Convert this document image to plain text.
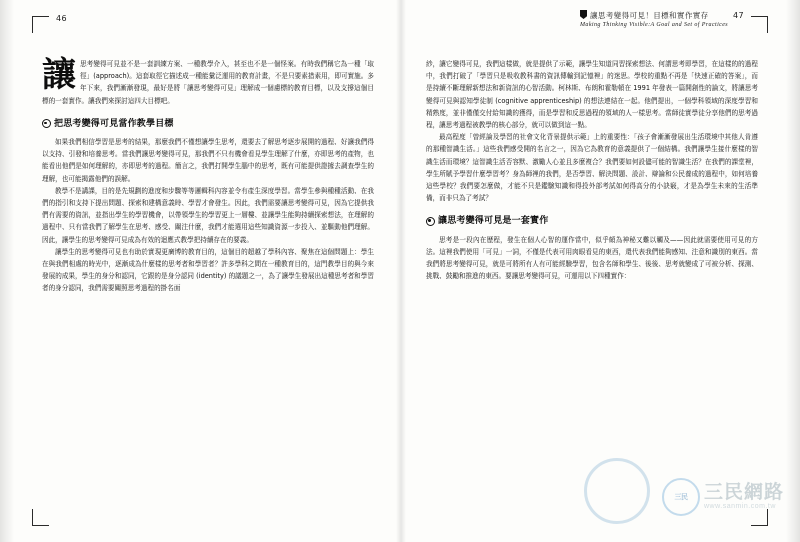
46
讓 思考變得可見並不是一套訓練方案、一種教學介入，甚至也不是一個怪案。有時我們稱它為一種「取徑」(approach)。這套取徑它描述成一種能彙泛運用的教育計畫，不是只要素措素用，即可實施。多年下來，我們漸漸發現，最好是將「讓思考變得可見」理解成一個慮標的教育目標，以及支撐這個目標的一套實作。讓我們來探討這四大目標吧。
把思考變得可見當作教學目標

如果我們相信學習是思考的結果，那麼我們不僅想讓學生思考，還要去了解思考逐步展開的過程、好讓我們得以支持、引發和培養思考。當我們讓思考變得可見，那我們不只有機會看見學生理解了什麼，亦即思考的產物，也能看出他們是如何理解的，亦即思考的過程。簡言之，我們打開學生腦中的思考，既有可能提供證據去調查學生的理解，也可能揭露他們的誤解。

教學不是講課，目的是先規劃的進度和步驟等等邏輯科內容並令有產生深度學習。當學生參與種種活動、在我們的指引和支持下提出問題、探索和建構意義時、學習才會發生。因此，我們需要讓思考變得可見，因為它提供我們有需要的資訊，並指出學生的學習機會，以帶領學生的學習更上一層樓、並讓學生能夠持續探索想法，在理解的過程中、只有當我們了解學生在思考、感受、關注什麼，我們才能選用這些知識資源一步投入、並驅動他們理解。因此，讓學生的思考變得可見成為有效的迴應式教學把持續存在的要義。

讓學生的思考變得可見也有助於實現更廣博的教育目的，這個目的超越了學科內容、聚焦在這個問題上：學生在與我們相處的時光中，逐漸成為什麼樣的思考者和學習者？許多學科之間在一種教育目的，這門教學目的與今來發展的成果，學生的身分和認同，它跟的是身分認同 (identity) 的議題之一，為了讓學生發展出這種思考者和學習者的身分認同，我們需要關照思考過程的掛名面

讓思考變得可見！目標和實作實存
Making Thinking Visible:A Goal and Set of Practices
47

紗，讓它變得可見，我們這樣做，就是提供了示範，讓學生知道同習探索想法、何謂思考即學習，在這樣的的過程中，我們打破了「學習只是吸收教科書的資訊傳輸到記憶裡」的迷思。學校的重點不再是「快速正確的答案」，而是持續不斷理解新想法和新資訊的心智活動。柯林斯、布朗和霍勒頓在 1991 年發表一篇開創性的論文，將讓思考變得可見與認知學徒制 (cognitive apprenticeship) 的想法連結在一起。他們提出，一個學科領域的深度學習和精熟度，並非僅僅交付給知識的獲得，而是學習和反思過程的領域的人一樣思考。當師徒實學徒分享他們的思考過程，讓思考過程被教學的核心部分，就可以做到這一點。

最高程度「曾經論及學習的社會文化背景提供示範」上的重要性：「孩子會漸漸發展出生活環境中其他人肯遵的那種智識生活。」這些我們感受開的名言之一，因為它為教育的意義提供了一個結構。我們讓學生接什麼樣的智識生活而環境？這智識生活否容默、激勵人心並且多麼複合？我們要如何設儘可能的智識生活？在我們的課堂裡，學生所賦予學習什麼學習考？身為師裡的我們，是否學習、解決問題、設計、辯論和公民養成的過程中，如何培養這些學校？我們要怎麼做，才能不只是鑑驗知識和得投外部考試如何得高分的小訣竅，才是為學生未來的生活準備，而非只為了考試？

讓思考變得可見是一套實作

思考是一段內在歷程，發生在個人心智的運作當中，似乎頗為神秘又難以觸及——因此就需要使用可見的方法。這裡我們使用「可見」一詞，不僅是代表可用肉眼看見的東西，還代表我們能夠感知、注意和識別的東西。當我們將思考變得可見，就是可將所有人有可能經驗學習，包含名師和學生、後後、思考就變成了可被分析、探測、挑戰、鼓勵和推進的東西。要讓思考變得可見，可運用以下四種實作：

三民 三民網路
www.sanmin.com.tw
